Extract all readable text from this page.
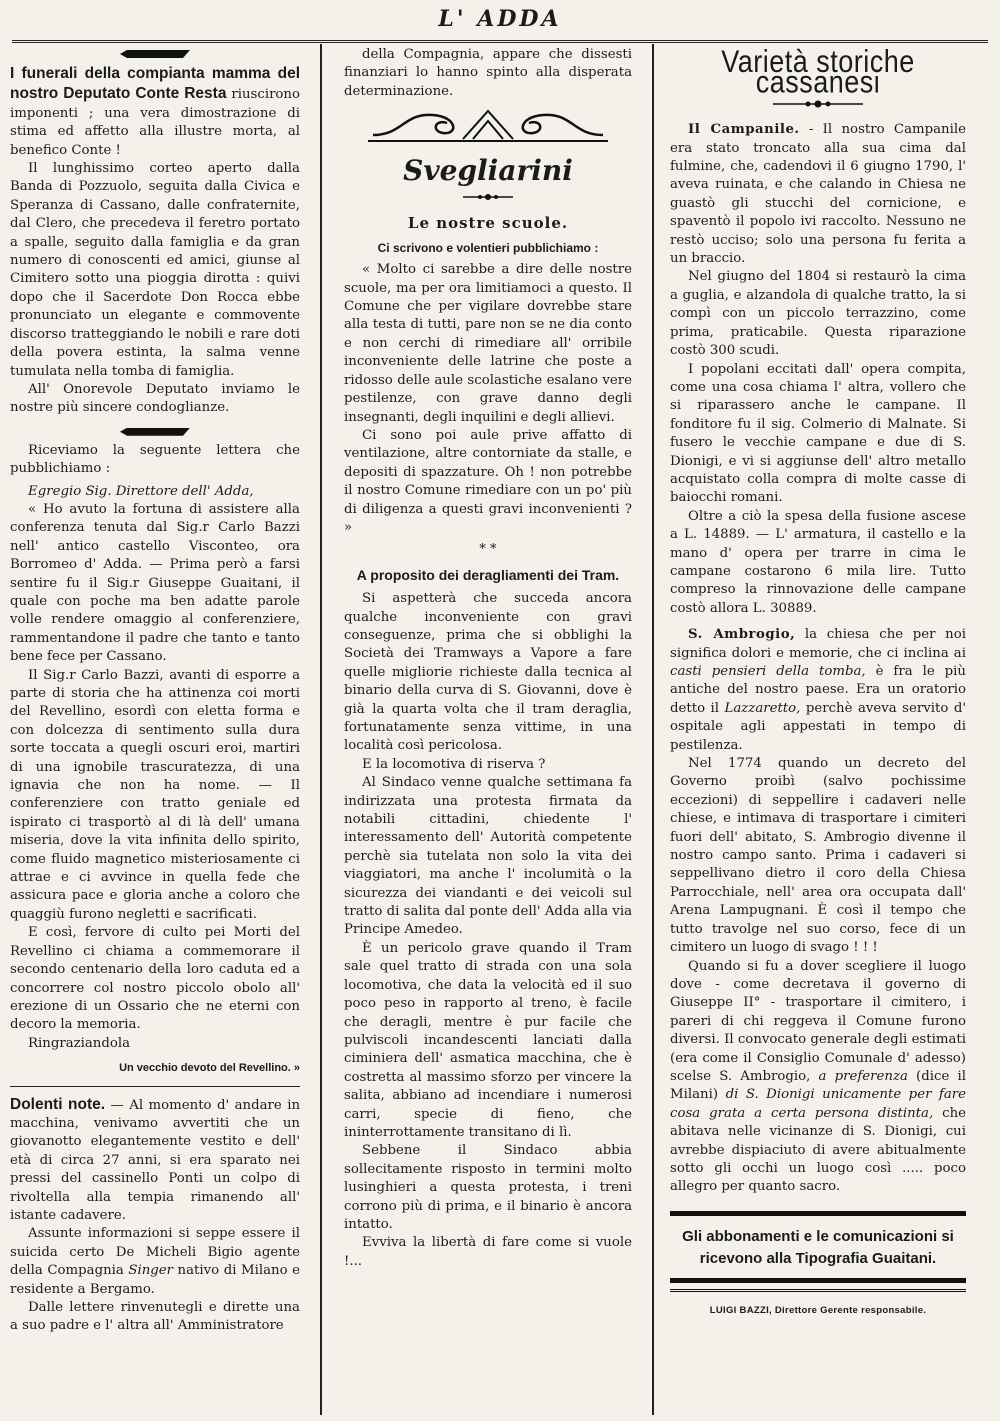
L' ADDA

I funerali della compianta mamma del nostro Deputato Conte Resta riuscirono imponenti ; una vera dimostrazione di stima ed affetto alla illustre morta, al benefico Conte !

Il lunghissimo corteo aperto dalla Banda di Pozzuolo, seguita dalla Civica e Speranza di Cassano, dalle confraternite, dal Clero, che precedeva il feretro portato a spalle, seguito dalla famiglia e da gran numero di conoscenti ed amici, giunse al Cimitero sotto una pioggia dirotta : quivi dopo che il Sacerdote Don Rocca ebbe pronunciato un elegante e commovente discorso tratteggiando le nobili e rare doti della povera estinta, la salma venne tumulata nella tomba di famiglia.

All' Onorevole Deputato inviamo le nostre più sincere condoglianze.

Riceviamo la seguente lettera che pubblichiamo :

Egregio Sig. Direttore dell' Adda,

« Ho avuto la fortuna di assistere alla conferenza tenuta dal Sig.r Carlo Bazzi nell' antico castello Visconteo, ora Borromeo d' Adda. — Prima però a farsi sentire fu il Sig.r Giuseppe Guaitani, il quale con poche ma ben adatte parole volle rendere omaggio al conferenziere, rammentandone il padre che tanto e tanto bene fece per Cassano.

Il Sig.r Carlo Bazzi, avanti di esporre a parte di storia che ha attinenza coi morti del Revellino, esordì con eletta forma e con dolcezza di sentimento sulla dura sorte toccata a quegli oscuri eroi, martiri di una ignobile trascuratezza, di una ignavia che non ha nome. — Il conferenziere con tratto geniale ed ispirato ci trasportò al di là dell' umana miseria, dove la vita infinita dello spirito, come fluido magnetico misteriosamente ci attrae e ci avvince in quella fede che assicura pace e gloria anche a coloro che quaggiù furono negletti e sacrificati.

E così, fervore di culto pei Morti del Revellino ci chiama a commemorare il secondo centenario della loro caduta ed a concorrere col nostro piccolo obolo all' erezione di un Ossario che ne eterni con decoro la memoria.

Ringraziandola

Un vecchio devoto del Revellino. »

Dolenti note. — Al momento d' andare in macchina, venivamo avvertiti che un giovanotto elegantemente vestito e dell' età di circa 27 anni, si era sparato nei pressi del cassinello Ponti un colpo di rivoltella alla tempia rimanendo all' istante cadavere.

Assunte informazioni si seppe essere il suicida certo De Micheli Bigio agente della Compagnia Singer nativo di Milano e residente a Bergamo.

Dalle lettere rinvenutegli e dirette una a suo padre e l' altra all' Amministratore

della Compagnia, appare che dissesti finanziari lo hanno spinto alla disperata determinazione.

Svegliarini
Le nostre scuole.
Ci scrivono e volentieri pubblichiamo :

« Molto ci sarebbe a dire delle nostre scuole, ma per ora limitiamoci a questo. Il Comune che per vigilare dovrebbe stare alla testa di tutti, pare non se ne dia conto e non cerchi di rimediare all' orribile inconveniente delle latrine che poste a ridosso delle aule scolastiche esalano vere pestilenze, con grave danno degli insegnanti, degli inquilini e degli allievi.

Ci sono poi aule prive affatto di ventilazione, altre contorniate da stalle, e depositi di spazzature. Oh ! non potrebbe il nostro Comune rimediare con un po' più di diligenza a questi gravi inconvenienti ? »

* *
A proposito dei deragliamenti dei Tram.

Si aspetterà che succeda ancora qualche inconveniente con gravi conseguenze, prima che si obblighi la Società dei Tramways a Vapore a fare quelle migliorie richieste dalla tecnica al binario della curva di S. Giovanni, dove è già la quarta volta che il tram deraglia, fortunatamente senza vittime, in una località così pericolosa.

E la locomotiva di riserva ?

Al Sindaco venne qualche settimana fa indirizzata una protesta firmata da notabili cittadini, chiedente l' interessamento dell' Autorità competente perchè sia tutelata non solo la vita dei viaggiatori, ma anche l' incolumità o la sicurezza dei viandanti e dei veicoli sul tratto di salita dal ponte dell' Adda alla via Principe Amedeo.

È un pericolo grave quando il Tram sale quel tratto di strada con una sola locomotiva, che data la velocità ed il suo poco peso in rapporto al treno, è facile che deragli, mentre è pur facile che pulviscoli incandescenti lanciati dalla ciminiera dell' asmatica macchina, che è costretta al massimo sforzo per vincere la salita, abbiano ad incendiare i numerosi carri, specie di fieno, che ininterrottamente transitano di lì.

Sebbene il Sindaco abbia sollecitamente risposto in termini molto lusinghieri a questa protesta, i treni corrono più di prima, e il binario è ancora intatto.

Evviva la libertà di fare come si vuole !...

Varietà storiche cassanesi

Il Campanile. - Il nostro Campanile era stato troncato alla sua cima dal fulmine, che, cadendovi il 6 giugno 1790, l' aveva ruinata, e che calando in Chiesa ne guastò gli stucchi del cornicione, e spaventò il popolo ivi raccolto. Nessuno ne restò ucciso; solo una persona fu ferita a un braccio.

Nel giugno del 1804 si restaurò la cima a guglia, e alzandola di qualche tratto, la si compì con un piccolo terrazzino, come prima, praticabile. Questa riparazione costò 300 scudi.

I popolani eccitati dall' opera compita, come una cosa chiama l' altra, vollero che si riparassero anche le campane. Il fonditore fu il sig. Colmerio di Malnate. Si fusero le vecchie campane e due di S. Dionigi, e vi si aggiunse dell' altro metallo acquistato colla compra di molte casse di baiocchi romani.

Oltre a ciò la spesa della fusione ascese a L. 14889. — L' armatura, il castello e la mano d' opera per trarre in cima le campane costarono 6 mila lire. Tutto compreso la rinnovazione delle campane costò allora L. 30889.

S. Ambrogio, la chiesa che per noi significa dolori e memorie, che ci inclina ai casti pensieri della tomba, è fra le più antiche del nostro paese. Era un oratorio detto il Lazzaretto, perchè aveva servito d' ospitale agli appestati in tempo di pestilenza.

Nel 1774 quando un decreto del Governo proibì (salvo pochissime eccezioni) di seppellire i cadaveri nelle chiese, e intimava di trasportare i cimiteri fuori dell' abitato, S. Ambrogio divenne il nostro campo santo. Prima i cadaveri si seppellivano dietro il coro della Chiesa Parrocchiale, nell' area ora occupata dall' Arena Lampugnani. È così il tempo che tutto travolge nel suo corso, fece di un cimitero un luogo di svago ! ! !

Quando si fu a dover scegliere il luogo dove - come decretava il governo di Giuseppe II° - trasportare il cimitero, i pareri di chi reggeva il Comune furono diversi. Il convocato generale degli estimati (era come il Consiglio Comunale d' adesso) scelse S. Ambrogio, a preferenza (dice il Milani) di S. Dionigi unicamente per fare cosa grata a certa persona distinta, che abitava nelle vicinanze di S. Dionigi, cui avrebbe dispiaciuto di avere abitualmente sotto gli occhi un luogo così ..... poco allegro per quanto sacro.

Gli abbonamenti e le comunicazioni si ricevono alla Tipografia Guaitani.
LUIGI BAZZI, Direttore Gerente responsabile.
